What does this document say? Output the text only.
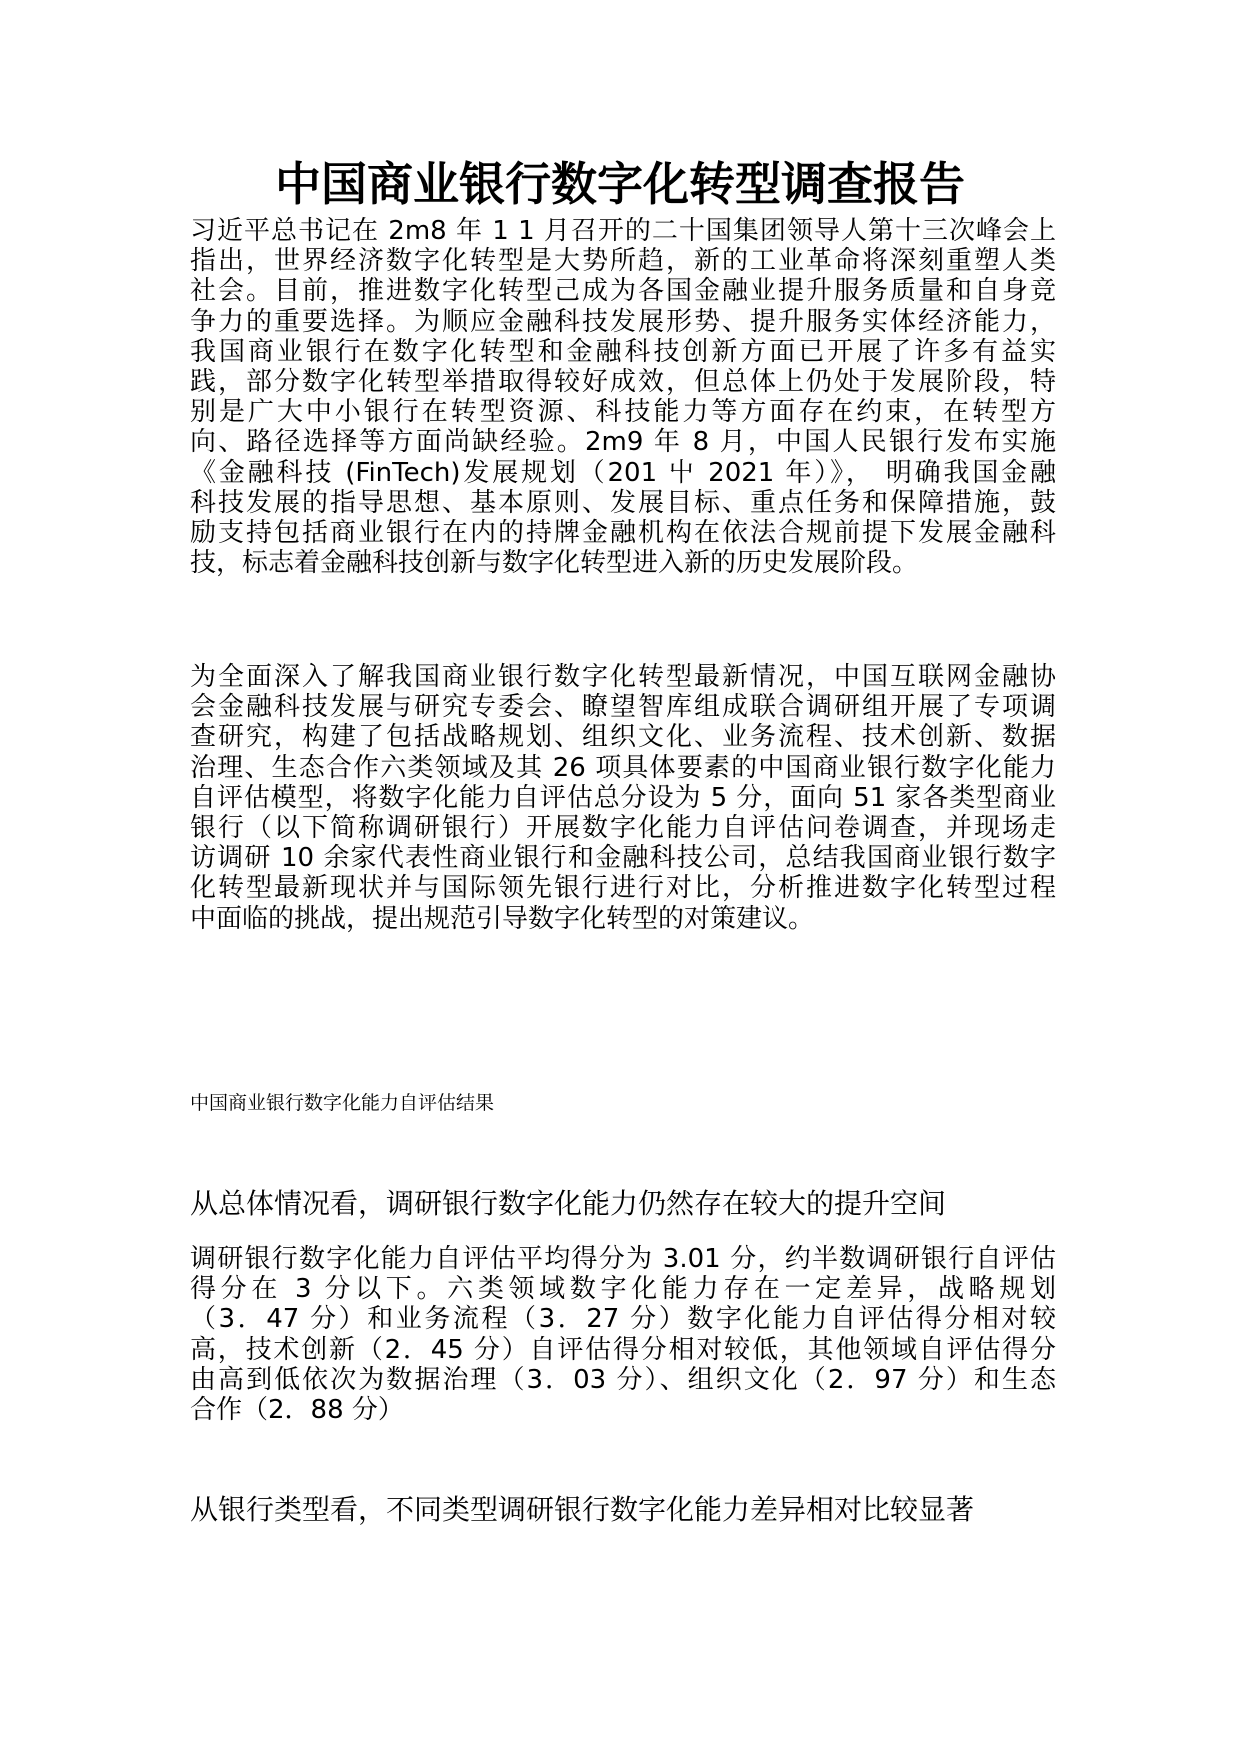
中国商业银行数字化转型调查报告
习近平总书记在 2m8 年 1 1 月召开的二十国集团领导人第十三次峰会上
指出，世界经济数字化转型是大势所趋，新的工业革命将深刻重塑人类
社会。目前，推进数字化转型己成为各国金融业提升服务质量和自身竞
争力的重要选择。为顺应金融科技发展形势、提升服务实体经济能力，
我国商业银行在数字化转型和金融科技创新方面已开展了许多有益实
践，部分数字化转型举措取得较好成效，但总体上仍处于发展阶段，特
别是广大中小银行在转型资源、科技能力等方面存在约束，在转型方
向、路径选择等方面尚缺经验。2m9 年 8 月，中国人民银行发布实施
《金融科技 (FinTech)发展规划（201 屮 2021 年）》， 明确我国金融
科技发展的指导思想、基本原则、发展目标、重点任务和保障措施，鼓
励支持包括商业银行在内的持牌金融机构在依法合规前提下发展金融科
技，标志着金融科技创新与数字化转型进入新的历史发展阶段。
为全面深入了解我国商业银行数字化转型最新情况，中国互联网金融协
会金融科技发展与研究专委会、瞭望智库组成联合调研组开展了专项调
查研究，构建了包括战略规划、组织文化、业务流程、技术创新、数据
治理、生态合作六类领域及其 26 项具体要素的中国商业银行数字化能力
自评估模型，将数字化能力自评估总分设为 5 分，面向 51 家各类型商业
银行（以下简称调研银行）开展数字化能力自评估问卷调查，并现场走
访调研 10 余家代表性商业银行和金融科技公司，总结我国商业银行数字
化转型最新现状并与国际领先银行进行对比，分析推进数字化转型过程
中面临的挑战，提出规范引导数字化转型的对策建议。
中国商业银行数字化能力自评估结果
从总体情况看，调研银行数字化能力仍然存在较大的提升空间
调研银行数字化能力自评估平均得分为 3.01 分，约半数调研银行自评估
得分在 3 分以下。六类领域数字化能力存在一定差异，战略规划
（3．47 分）和业务流程（3．27 分）数字化能力自评估得分相对较
高，技术创新（2．45 分）自评估得分相对较低，其他领域自评估得分
由高到低依次为数据治理（3．03 分）、组织文化（2．97 分）和生态
合作（2．88 分）
从银行类型看，不同类型调研银行数字化能力差异相对比较显著
